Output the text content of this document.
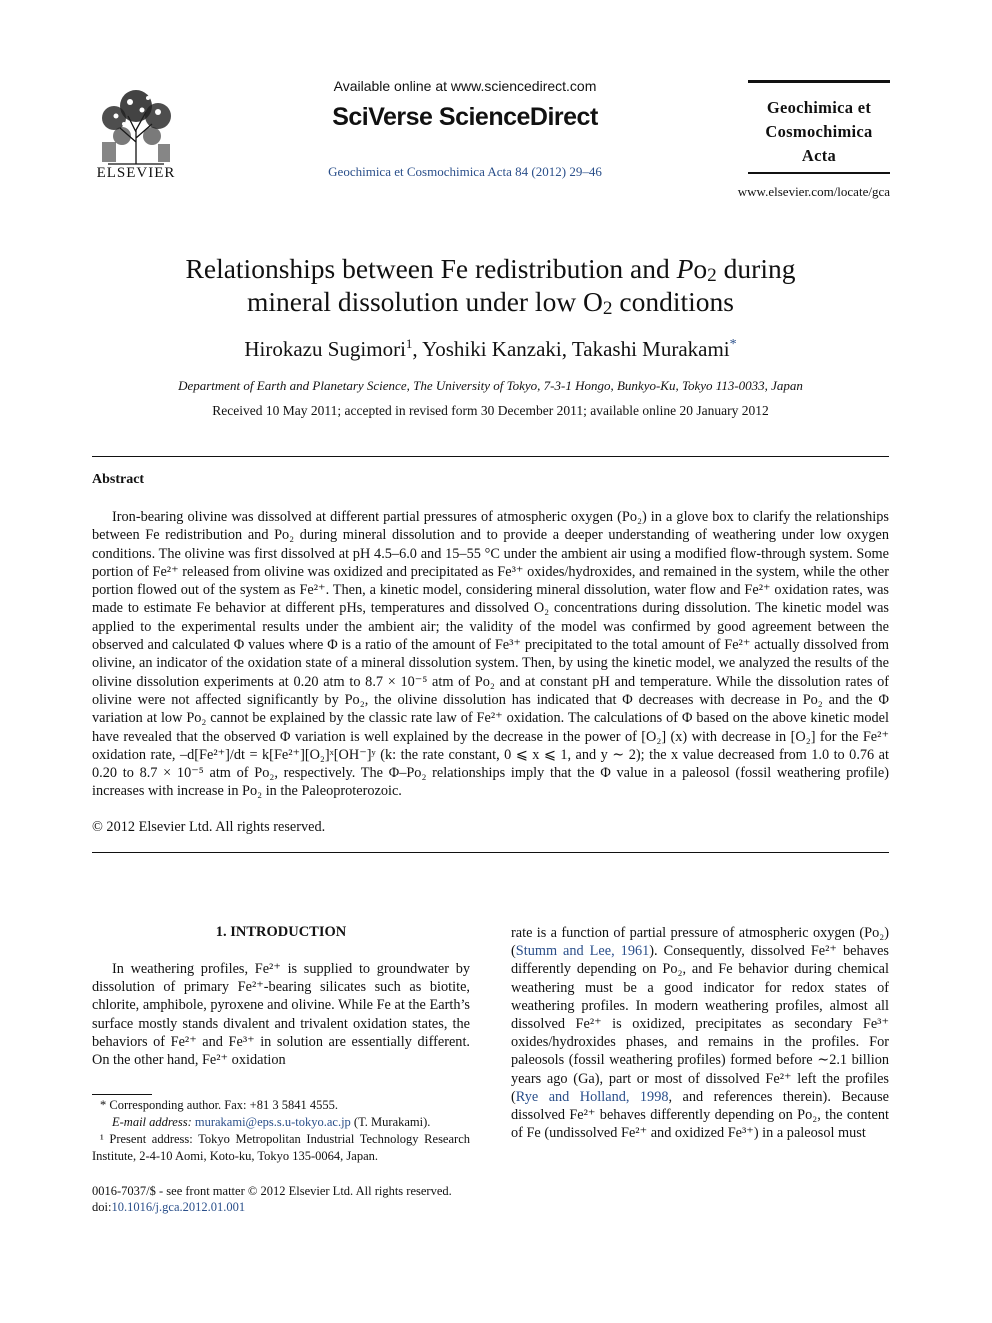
ELSEVIER
Available online at www.sciencedirect.com
SciVerse ScienceDirect
Geochimica et Cosmochimica Acta 84 (2012) 29–46
Geochimica et
Cosmochimica
Acta
www.elsevier.com/locate/gca
Relationships between Fe redistribution and $Po_2$ during
mineral dissolution under low $O_2$ conditions
Hirokazu Sugimori$^1$, Yoshiki Kanzaki, Takashi Murakami*
Department of Earth and Planetary Science, The University of Tokyo, 7-3-1 Hongo, Bunkyo-Ku, Tokyo 113-0033, Japan
Received 10 May 2011; accepted in revised form 30 December 2011; available online 20 January 2012
Abstract
Iron-bearing olivine was dissolved at different partial pressures of atmospheric oxygen (Po₂) in a glove box to clarify the relationships between Fe redistribution and Po₂ during mineral dissolution and to provide a deeper understanding of weathering under low oxygen conditions. The olivine was first dissolved at pH 4.5–6.0 and 15–55 °C under the ambient air using a modified flow-through system. Some portion of Fe²⁺ released from olivine was oxidized and precipitated as Fe³⁺ oxides/hydroxides, and remained in the system, while the other portion flowed out of the system as Fe²⁺. Then, a kinetic model, considering mineral dissolution, water flow and Fe²⁺ oxidation rates, was made to estimate Fe behavior at different pHs, temperatures and dissolved O₂ concentrations during dissolution. The kinetic model was applied to the experimental results under the ambient air; the validity of the model was confirmed by good agreement between the observed and calculated Φ values where Φ is a ratio of the amount of Fe³⁺ precipitated to the total amount of Fe²⁺ actually dissolved from olivine, an indicator of the oxidation state of a mineral dissolution system. Then, by using the kinetic model, we analyzed the results of the olivine dissolution experiments at 0.20 atm to 8.7 × 10⁻⁵ atm of Po₂ and at constant pH and temperature. While the dissolution rates of olivine were not affected significantly by Po₂, the olivine dissolution has indicated that Φ decreases with decrease in Po₂ and the Φ variation at low Po₂ cannot be explained by the classic rate law of Fe²⁺ oxidation. The calculations of Φ based on the above kinetic model have revealed that the observed Φ variation is well explained by the decrease in the power of [O₂] (x) with decrease in [O₂] for the Fe²⁺ oxidation rate, –d[Fe²⁺]/dt = k[Fe²⁺][O₂]ˣ[OH⁻]ʸ (k: the rate constant, 0 ⩽ x ⩽ 1, and y ∼ 2); the x value decreased from 1.0 to 0.76 at 0.20 to 8.7 × 10⁻⁵ atm of Po₂, respectively. The Φ–Po₂ relationships imply that the Φ value in a paleosol (fossil weathering profile) increases with increase in Po₂ in the Paleoproterozoic.
© 2012 Elsevier Ltd. All rights reserved.
1. INTRODUCTION
In weathering profiles, Fe²⁺ is supplied to groundwater by dissolution of primary Fe²⁺-bearing silicates such as biotite, chlorite, amphibole, pyroxene and olivine. While Fe at the Earth’s surface mostly stands divalent and trivalent oxidation states, the behaviors of Fe²⁺ and Fe³⁺ in solution are essentially different. On the other hand, Fe²⁺ oxidation
rate is a function of partial pressure of atmospheric oxygen (Po₂) (Stumm and Lee, 1961). Consequently, dissolved Fe²⁺ behaves differently depending on Po₂, and Fe behavior during chemical weathering must be a good indicator for redox states of weathering profiles. In modern weathering profiles, almost all dissolved Fe²⁺ is oxidized, precipitates as secondary Fe³⁺ oxides/hydroxides phases, and remains in the profiles. For paleosols (fossil weathering profiles) formed before ∼2.1 billion years ago (Ga), part or most of dissolved Fe²⁺ left the profiles (Rye and Holland, 1998, and references therein). Because dissolved Fe²⁺ behaves differently depending on Po₂, the content of Fe (undissolved Fe²⁺ and oxidized Fe³⁺) in a paleosol must
* Corresponding author. Fax: +81 3 5841 4555.
E-mail address: murakami@eps.s.u-tokyo.ac.jp (T. Murakami).
¹ Present address: Tokyo Metropolitan Industrial Technology Research Institute, 2-4-10 Aomi, Koto-ku, Tokyo 135-0064, Japan.
0016-7037/$ - see front matter © 2012 Elsevier Ltd. All rights reserved.
doi:10.1016/j.gca.2012.01.001
